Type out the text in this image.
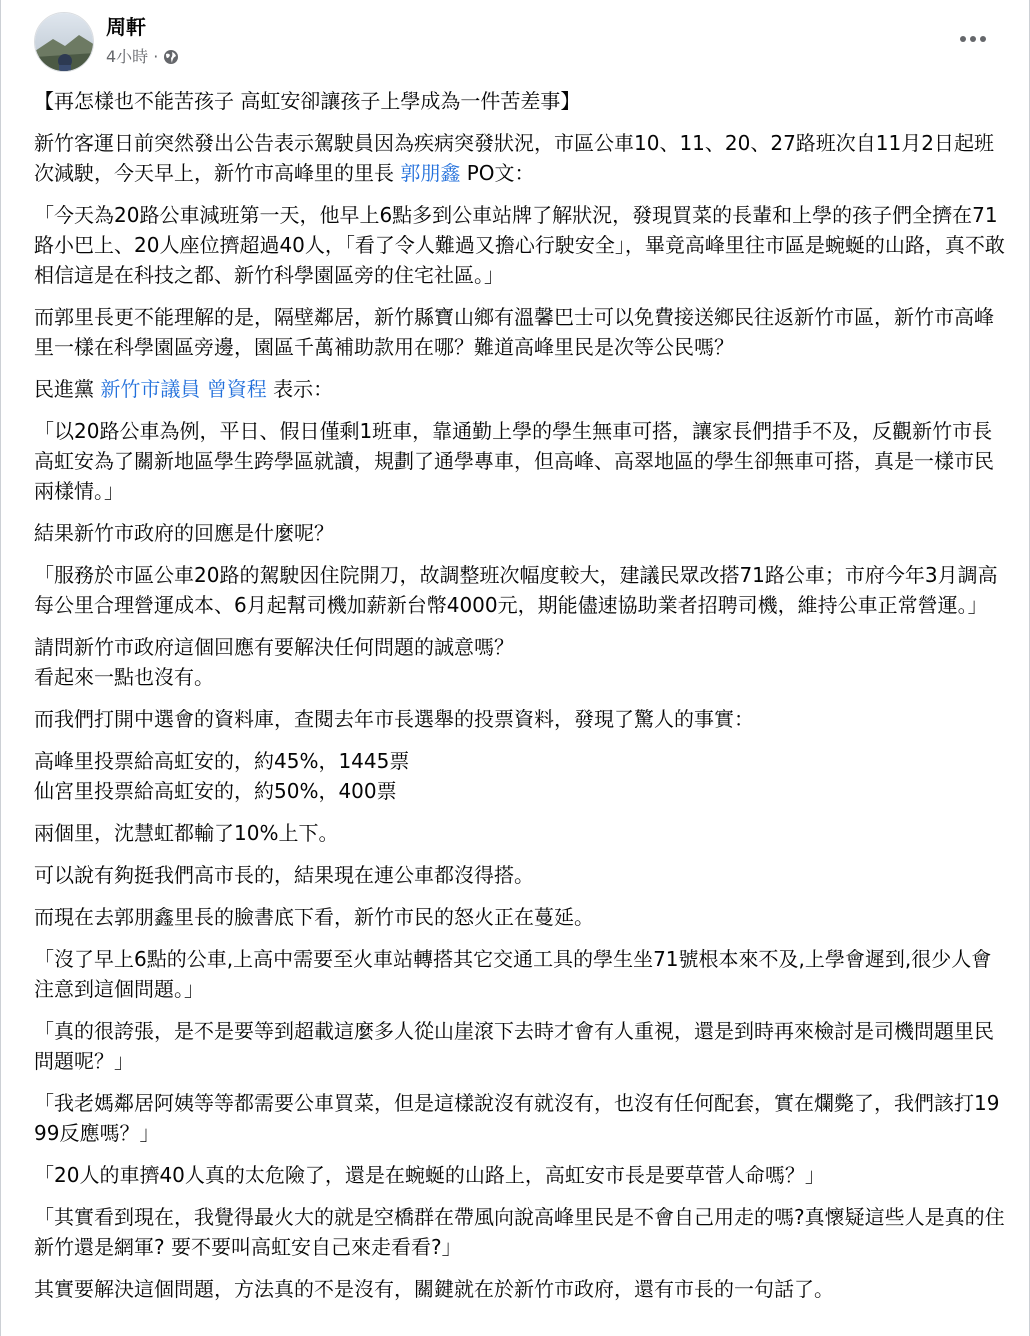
周軒
4小時 ·

【再怎樣也不能苦孩子 高虹安卻讓孩子上學成為一件苦差事】

新竹客運日前突然發出公告表示駕駛員因為疾病突發狀況，市區公車10、11、20、27路班次自11月2日起班次減駛，今天早上，新竹市高峰里的里長 郭朋鑫 PO文：

「今天為20路公車減班第一天，他早上6點多到公車站牌了解狀況，發現買菜的長輩和上學的孩子們全擠在71路小巴上、20人座位擠超過40人，「看了令人難過又擔心行駛安全」，畢竟高峰里往市區是蜿蜒的山路，真不敢相信這是在科技之都、新竹科學園區旁的住宅社區。」

而郭里長更不能理解的是，隔壁鄰居，新竹縣寶山鄉有溫馨巴士可以免費接送鄉民往返新竹市區，新竹市高峰里一樣在科學園區旁邊，園區千萬補助款用在哪？難道高峰里民是次等公民嗎？

民進黨 新竹市議員 曾資程 表示：

「以20路公車為例，平日、假日僅剩1班車，靠通勤上學的學生無車可搭，讓家長們措手不及，反觀新竹市長高虹安為了關新地區學生跨學區就讀，規劃了通學專車，但高峰、高翠地區的學生卻無車可搭，真是一樣市民兩樣情。」

結果新竹市政府的回應是什麼呢？

「服務於市區公車20路的駕駛因住院開刀，故調整班次幅度較大，建議民眾改搭71路公車；市府今年3月調高每公里合理營運成本、6月起幫司機加薪新台幣4000元，期能儘速協助業者招聘司機，維持公車正常營運。」

請問新竹市政府這個回應有要解決任何問題的誠意嗎？
看起來一點也沒有。

而我們打開中選會的資料庫，查閱去年市長選舉的投票資料，發現了驚人的事實：

高峰里投票給高虹安的，約45%，1445票
仙宮里投票給高虹安的，約50%，400票

兩個里，沈慧虹都輸了10%上下。

可以說有夠挺我們高市長的，結果現在連公車都沒得搭。

而現在去郭朋鑫里長的臉書底下看，新竹市民的怒火正在蔓延。

「沒了早上6點的公車,上高中需要至火車站轉搭其它交通工具的學生坐71號根本來不及,上學會遲到,很少人會注意到這個問題。」

「真的很誇張，是不是要等到超載這麼多人從山崖滾下去時才會有人重視，還是到時再來檢討是司機問題里民問題呢？」

「我老媽鄰居阿姨等等都需要公車買菜，但是這樣說沒有就沒有，也沒有任何配套，實在爛斃了，我們該打1999反應嗎？」

「20人的車擠40人真的太危險了，還是在蜿蜒的山路上，高虹安市長是要草菅人命嗎？」

「其實看到現在，我覺得最火大的就是空橋群在帶風向說高峰里民是不會自己用走的嗎?真懷疑這些人是真的住新竹還是網軍? 要不要叫高虹安自己來走看看?」

其實要解決這個問題，方法真的不是沒有，關鍵就在於新竹市政府，還有市長的一句話了。
